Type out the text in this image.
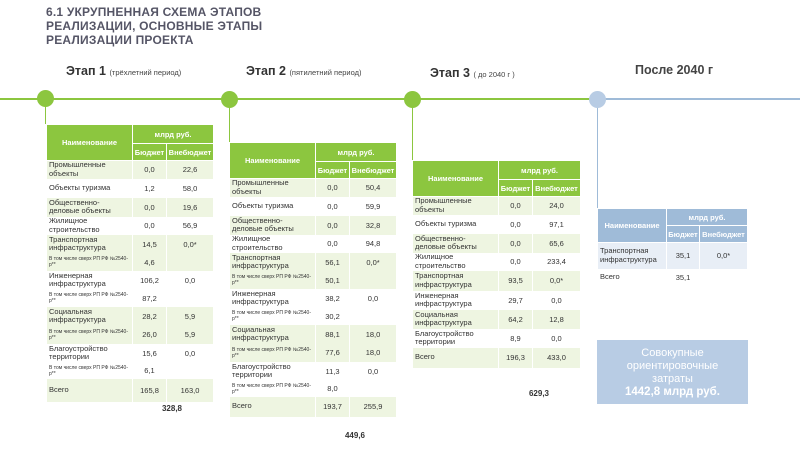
6.1 УКРУПНЕННАЯ СХЕМА ЭТАПОВ
РЕАЛИЗАЦИИ, ОСНОВНЫЕ ЭТАПЫ
РЕАЛИЗАЦИИ ПРОЕКТА
Этап 1 (трёхлетний период)	Этап 2 (пятилетний период)	Этап 3 ( до 2040 г )	После 2040 г
Наименование	млрд руб.	
	Бюджет	Внебюджет
Промышленные объекты	0,0	22,6
Объекты туризма	1,2	58,0
Общественно-деловые объекты	0,0	19,6
Жилищное строительство	0,0	56,9
Транспортная инфраструктура	14,5	0,0*
В том числе сверх РП РФ №2540-р**	4,6	
Инженерная инфраструктура	106,2	0,0
В том числе сверх РП РФ №2540-р**	87,2	
Социальная инфраструктура	28,2	5,9
В том числе сверх РП РФ №2540-р**	26,0	5,9
Благоустройство территории	15,6	0,0
В том числе сверх РП РФ №2540-р**	6,1	
Всего	165,8	163,0
328,8
Наименование	млрд руб.	
	Бюджет	Внебюджет
Промышленные объекты	0,0	50,4
Объекты туризма	0,0	59,9
Общественно-деловые объекты	0,0	32,8
Жилищное строительство	0,0	94,8
Транспортная инфраструктура	56,1	0,0*
В том числе сверх РП РФ №2540-р**	50,1	
Инженерная инфраструктура	38,2	0,0
В том числе сверх РП РФ №2540-р**	30,2	
Социальная инфраструктура	88,1	18,0
В том числе сверх РП РФ №2540-р**	77,6	18,0
Благоустройство территории	11,3	0,0
В том числе сверх РП РФ №2540-р**	8,0	
Всего	193,7	255,9
449,6
Наименование	млрд руб.	
	Бюджет	Внебюджет
Промышленные объекты	0,0	24,0
Объекты туризма	0,0	97,1
Общественно-деловые объекты	0,0	65,6
Жилищное строительство	0,0	233,4
Транспортная инфраструктура	93,5	0,0*
Инженерная инфраструктура	29,7	0,0
Социальная инфраструктура	64,2	12,8
Благоустройство территории	8,9	0,0
Всего	196,3	433,0
629,3
Наименование	млрд руб.	
	Бюджет	Внебюджет
Транспортная инфраструктура	35,1	0,0*
Всего	35,1	
Совокупные
ориентировочные
затраты
1442,8 млрд руб.
